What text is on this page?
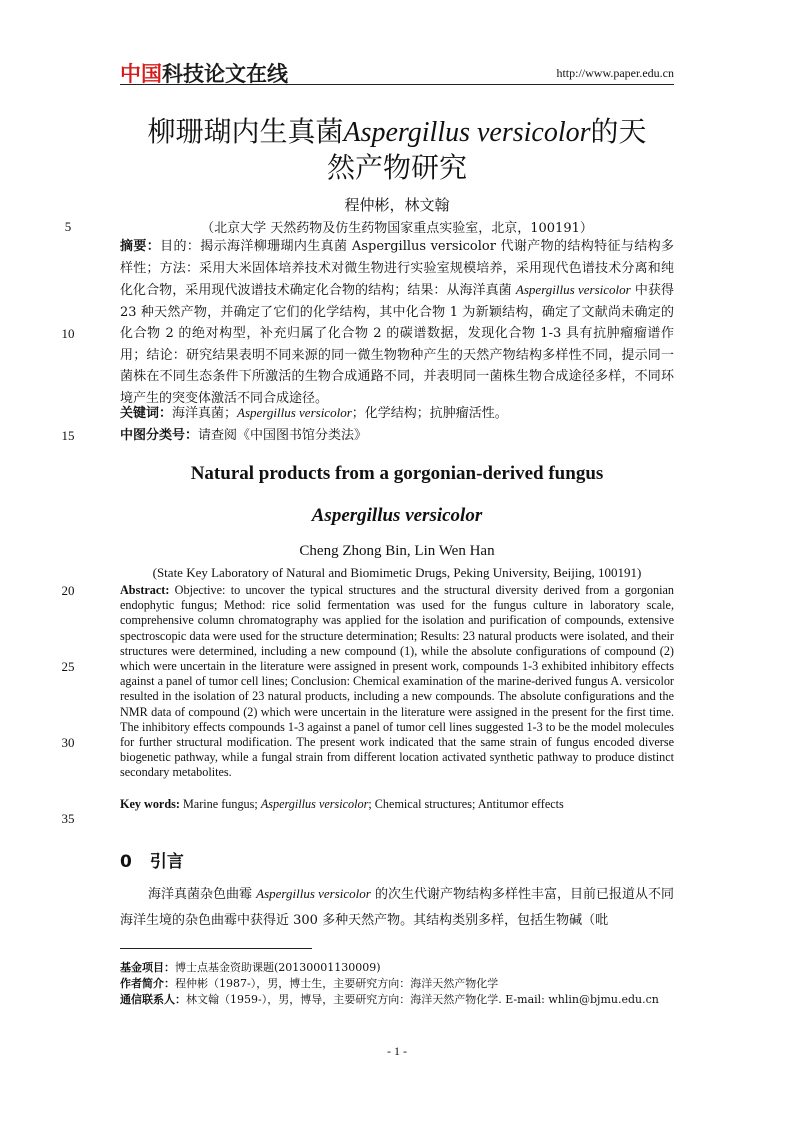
中国科技论文在线	http://www.paper.edu.cn
柳珊瑚内生真菌Aspergillus versicolor的天
然产物研究
程仲彬，林文翰
（北京大学 天然药物及仿生药物国家重点实验室，北京，100191）
5
10
15
20
25
30
35
摘要：目的：揭示海洋柳珊瑚内生真菌 Aspergillus versicolor 代谢产物的结构特征与结构多样性；方法：采用大米固体培养技术对微生物进行实验室规模培养，采用现代色谱技术分离和纯化化合物，采用现代波谱技术确定化合物的结构；结果：从海洋真菌 Aspergillus versicolor 中获得 23 种天然产物，并确定了它们的化学结构，其中化合物 1 为新颖结构，确定了文献尚未确定的化合物 2 的绝对构型，补充归属了化合物 2 的碳谱数据，发现化合物 1-3 具有抗肿瘤瘤谱作用；结论：研究结果表明不同来源的同一微生物物种产生的天然产物结构多样性不同，提示同一菌株在不同生态条件下所激活的生物合成通路不同，并表明同一菌株生物合成途径多样，不同环境产生的突变体激活不同合成途径。
关键词：海洋真菌；Aspergillus versicolor；化学结构；抗肿瘤活性。
中图分类号：请查阅《中国图书馆分类法》
Natural products from a gorgonian-derived fungus
Aspergillus versicolor
Cheng Zhong Bin, Lin Wen Han
(State Key Laboratory of Natural and Biomimetic Drugs, Peking University, Beijing, 100191)
Abstract: Objective: to uncover the typical structures and the structural diversity derived from a gorgonian endophytic fungus; Method: rice solid fermentation was used for the fungus culture in laboratory scale, comprehensive column chromatography was applied for the isolation and purification of compounds, extensive spectroscopic data were used for the structure determination; Results: 23 natural products were isolated, and their structures were determined, including a new compound (1), while the absolute configurations of compound (2) which were uncertain in the literature were assigned in present work, compounds 1-3 exhibited inhibitory effects against a panel of tumor cell lines; Conclusion: Chemical examination of the marine-derived fungus A. versicolor resulted in the isolation of 23 natural products, including a new compounds. The absolute configurations and the NMR data of compound (2) which were uncertain in the literature were assigned in the present for the first time. The inhibitory effects compounds 1-3 against a panel of tumor cell lines suggested 1-3 to be the model molecules for further structural modification. The present work indicated that the same strain of fungus encoded diverse biogenetic pathway, while a fungal strain from different location activated synthetic pathway to produce distinct secondary metabolites.
Key words: Marine fungus; Aspergillus versicolor; Chemical structures; Antitumor effects
0 引言
海洋真菌杂色曲霉 Aspergillus versicolor 的次生代谢产物结构多样性丰富，目前已报道从不同海洋生境的杂色曲霉中获得近 300 多种天然产物。其结构类别多样，包括生物碱（吡
基金项目：博士点基金资助课题(20130001130009)
作者简介：程仲彬（1987-），男，博士生，主要研究方向：海洋天然产物化学
通信联系人：林文翰（1959-），男，博导，主要研究方向：海洋天然产物化学. E-mail: whlin@bjmu.edu.cn
- 1 -
